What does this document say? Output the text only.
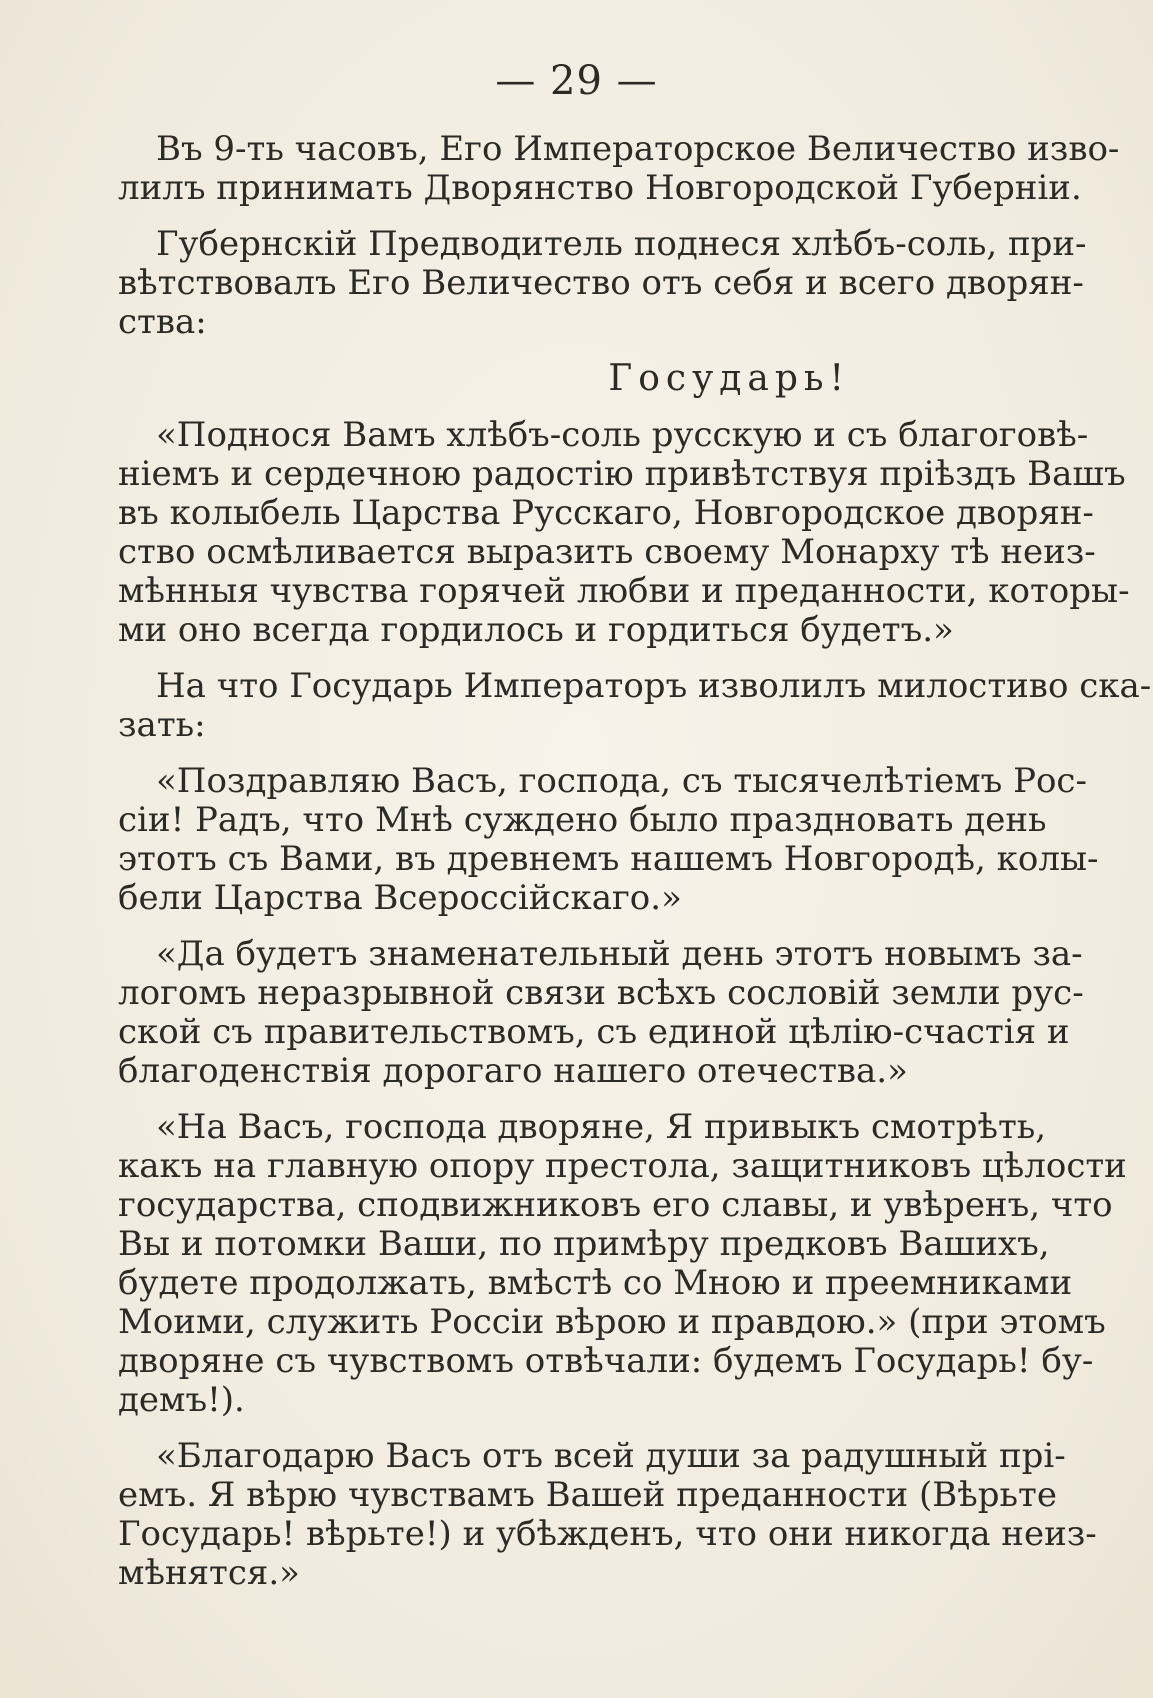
— 29 —
Въ 9-ть часовъ, Его Императорское Величество изво-
лилъ принимать Дворянство Новгородской Губерніи.
Губернскій Предводитель поднеся хлѣбъ-соль, при-
вѣтствовалъ Его Величество отъ себя и всего дворян-
ства:
Государь!
«Поднося Вамъ хлѣбъ-соль русскую и съ благоговѣ-
ніемъ и сердечною радостію привѣтствуя пріѣздъ Вашъ
въ колыбель Царства Русскаго, Новгородское дворян-
ство осмѣливается выразить своему Монарху тѣ неиз-
мѣнныя чувства горячей любви и преданности, которы-
ми оно всегда гордилось и гордиться будетъ.»
На что Государь Императоръ изволилъ милостиво ска-
зать:
«Поздравляю Васъ, господа, съ тысячелѣтіемъ Рос-
сіи! Радъ, что Мнѣ суждено было праздновать день
этотъ съ Вами, въ древнемъ нашемъ Новгородѣ, колы-
бели Царства Всероссійскаго.»
«Да будетъ знаменательный день этотъ новымъ за-
логомъ неразрывной связи всѣхъ сословій земли рус-
ской съ правительствомъ, съ единой цѣлію-счастія и
благоденствія дорогаго нашего отечества.»
«На Васъ, господа дворяне, Я привыкъ смотрѣть,
какъ на главную опору престола, защитниковъ цѣлости
государства, сподвижниковъ его славы, и увѣренъ, что
Вы и потомки Ваши, по примѣру предковъ Вашихъ,
будете продолжать, вмѣстѣ со Мною и преемниками
Моими, служить Россіи вѣрою и правдою.» (при этомъ
дворяне съ чувствомъ отвѣчали: будемъ Государь! бу-
демъ!).
«Благодарю Васъ отъ всей души за радушный прі-
емъ. Я вѣрю чувствамъ Вашей преданности (Вѣрьте
Государь! вѣрьте!) и убѣжденъ, что они никогда неиз-
мѣнятся.»
